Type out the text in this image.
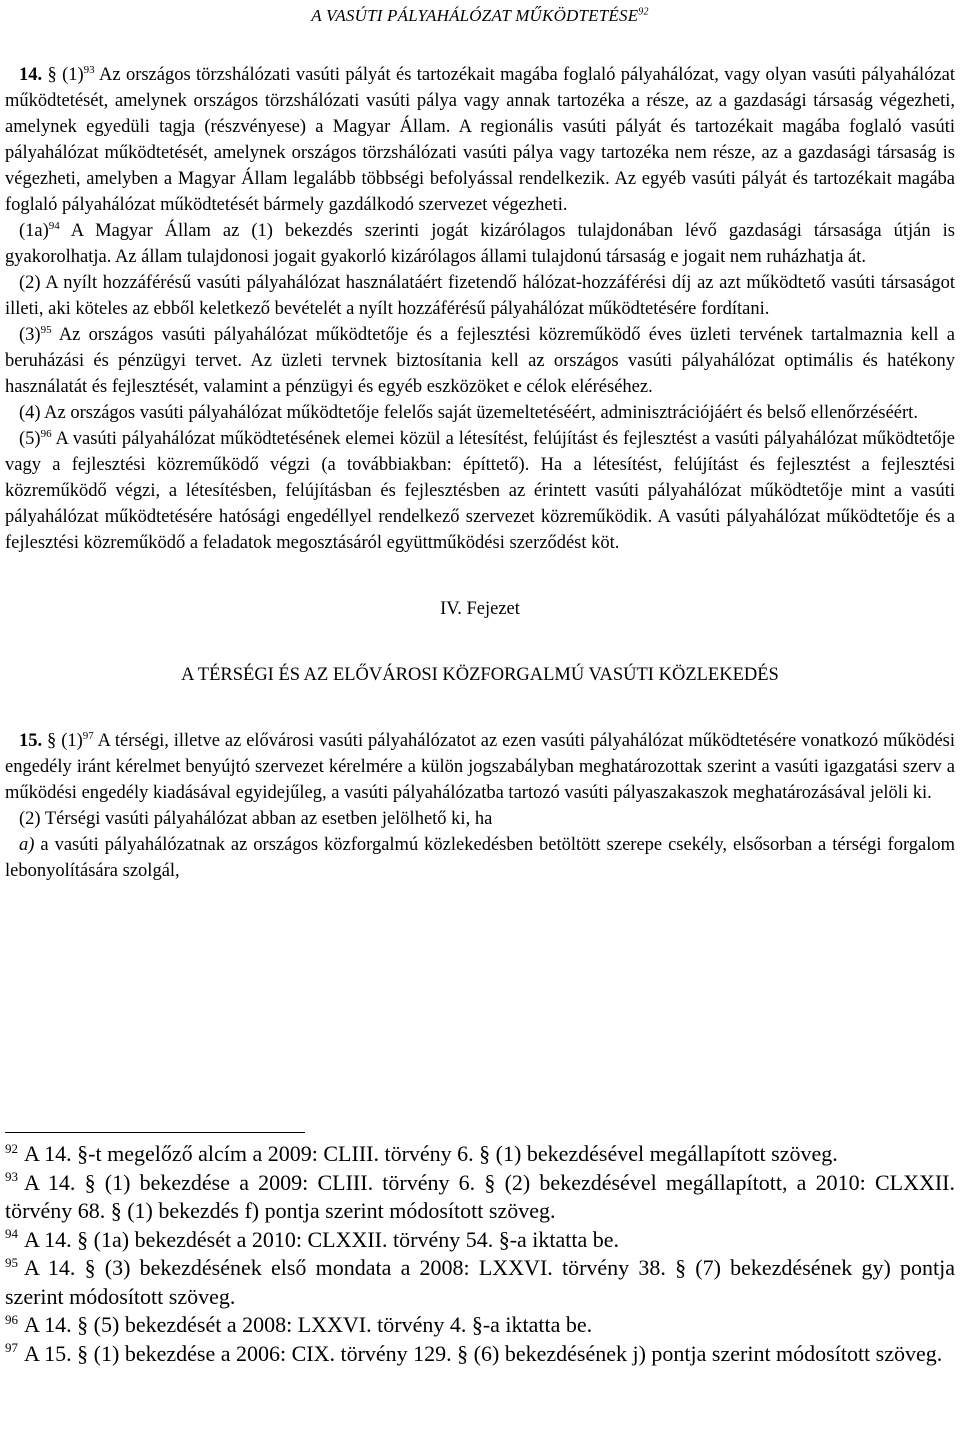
A VASÚTI PÁLYAHÁLÓZAT MŰKÖDTETÉSE$^{92}$

14. § $(1)^{93}$ Az országos törzshálózati vasúti pályát és tartozékait magába foglaló pályahálózat, vagy olyan vasúti pályahálózat működtetését, amelynek országos törzshálózati vasúti pálya vagy annak tartozéka a része, az a gazdasági társaság végezheti, amelynek egyedüli tagja (részvényese) a Magyar Állam. A regionális vasúti pályát és tartozékait magába foglaló vasúti pályahálózat működtetését, amelynek országos törzshálózati vasúti pálya vagy tartozéka nem része, az a gazdasági társaság is végezheti, amelyben a Magyar Állam legalább többségi befolyással rendelkezik. Az egyéb vasúti pályát és tartozékait magába foglaló pályahálózat működtetését bármely gazdálkodó szervezet végezheti.

$(1a)^{94}$ A Magyar Állam az (1) bekezdés szerinti jogát kizárólagos tulajdonában lévő gazdasági társasága útján is gyakorolhatja. Az állam tulajdonosi jogait gyakorló kizárólagos állami tulajdonú társaság e jogait nem ruházhatja át.

(2) A nyílt hozzáférésű vasúti pályahálózat használatáért fizetendő hálózat-hozzáférési díj az azt működtető vasúti társaságot illeti, aki köteles az ebből keletkező bevételét a nyílt hozzáférésű pályahálózat működtetésére fordítani.

$(3)^{95}$ Az országos vasúti pályahálózat működtetője és a fejlesztési közreműködő éves üzleti tervének tartalmaznia kell a beruházási és pénzügyi tervet. Az üzleti tervnek biztosítania kell az országos vasúti pályahálózat optimális és hatékony használatát és fejlesztését, valamint a pénzügyi és egyéb eszközöket e célok eléréséhez.

(4) Az országos vasúti pályahálózat működtetője felelős saját üzemeltetéséért, adminisztrációjáért és belső ellenőrzéséért.

$(5)^{96}$ A vasúti pályahálózat működtetésének elemei közül a létesítést, felújítást és fejlesztést a vasúti pályahálózat működtetője vagy a fejlesztési közreműködő végzi (a továbbiakban: építtető). Ha a létesítést, felújítást és fejlesztést a fejlesztési közreműködő végzi, a létesítésben, felújításban és fejlesztésben az érintett vasúti pályahálózat működtetője mint a vasúti pályahálózat működtetésére hatósági engedéllyel rendelkező szervezet közreműködik. A vasúti pályahálózat működtetője és a fejlesztési közreműködő a feladatok megosztásáról együttműködési szerződést köt.

IV. Fejezet

A TÉRSÉGI ÉS AZ ELŐVÁROSI KÖZFORGALMÚ VASÚTI KÖZLEKEDÉS

15. § $(1)^{97}$ A térségi, illetve az elővárosi vasúti pályahálózatot az ezen vasúti pályahálózat működtetésére vonatkozó működési engedély iránt kérelmet benyújtó szervezet kérelmére a külön jogszabályban meghatározottak szerint a vasúti igazgatási szerv a működési engedély kiadásával egyidejűleg, a vasúti pályahálózatba tartozó vasúti pályaszakaszok meghatározásával jelöli ki.

(2) Térségi vasúti pályahálózat abban az esetben jelölhető ki, ha

a) a vasúti pályahálózatnak az országos közforgalmú közlekedésben betöltött szerepe csekély, elsősorban a térségi forgalom lebonyolítására szolgál,

$^{92}$ A 14. §-t megelőző alcím a 2009: CLIII. törvény 6. § (1) bekezdésével megállapított szöveg.

$^{93}$ A 14. § (1) bekezdése a 2009: CLIII. törvény 6. § (2) bekezdésével megállapított, a 2010: CLXXII. törvény 68. § (1) bekezdés f) pontja szerint módosított szöveg.

$^{94}$ A 14. § (1a) bekezdését a 2010: CLXXII. törvény 54. §-a iktatta be.

$^{95}$ A 14. § (3) bekezdésének első mondata a 2008: LXXVI. törvény 38. § (7) bekezdésének gy) pontja szerint módosított szöveg.

$^{96}$ A 14. § (5) bekezdését a 2008: LXXVI. törvény 4. §-a iktatta be.

$^{97}$ A 15. § (1) bekezdése a 2006: CIX. törvény 129. § (6) bekezdésének j) pontja szerint módosított szöveg.
